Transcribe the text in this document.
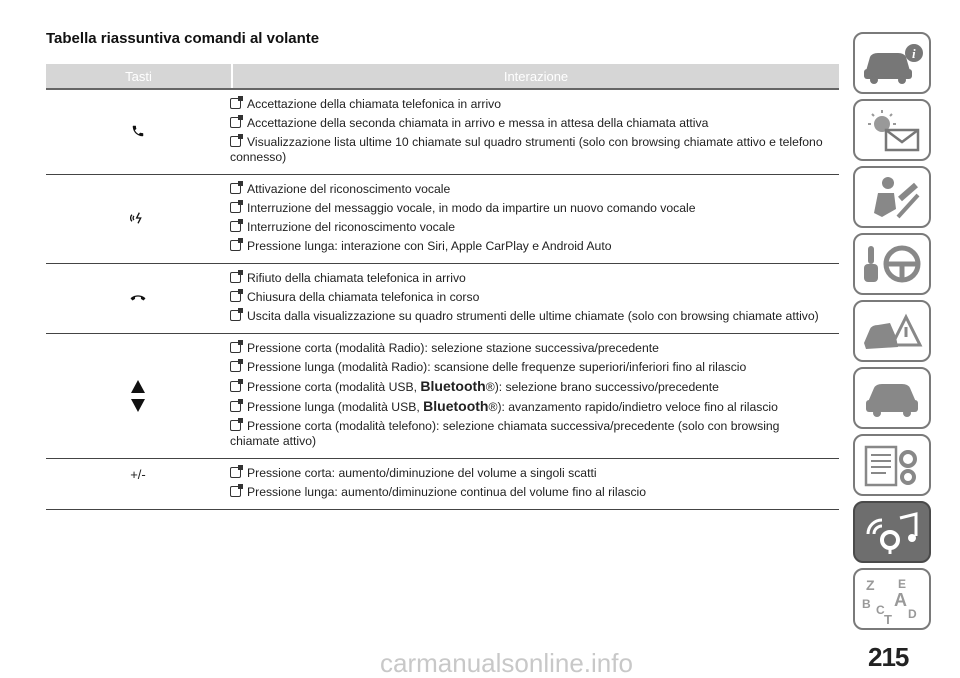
Tabella riassuntiva comandi al volante
Tasti	Interazione
Accettazione della chiamata telefonica in arrivo
Accettazione della seconda chiamata in arrivo e messa in attesa della chiamata attiva
Visualizzazione lista ultime 10 chiamate sul quadro strumenti (solo con browsing chiamate attivo e telefono connesso)
Attivazione del riconoscimento vocale
Interruzione del messaggio vocale, in modo da impartire un nuovo comando vocale
Interruzione del riconoscimento vocale
Pressione lunga: interazione con Siri, Apple CarPlay e Android Auto
Rifiuto della chiamata telefonica in arrivo
Chiusura della chiamata telefonica in corso
Uscita dalla visualizzazione su quadro strumenti delle ultime chiamate (solo con browsing chiamate attivo)
Pressione corta (modalità Radio): selezione stazione successiva/precedente
Pressione lunga (modalità Radio): scansione delle frequenze superiori/inferiori fino al rilascio
Pressione corta (modalità USB, Bluetooth®): selezione brano successivo/precedente
Pressione lunga (modalità USB, Bluetooth®): avanzamento rapido/indietro veloce fino al rilascio
Pressione corta (modalità telefono): selezione chiamata successiva/precedente (solo con browsing chiamate attivo)
+/-	Pressione corta: aumento/diminuzione del volume a singoli scatti
Pressione lunga: aumento/diminuzione continua del volume fino al rilascio
i
Z E
B A
C D
T
215
carmanualsonline.info
